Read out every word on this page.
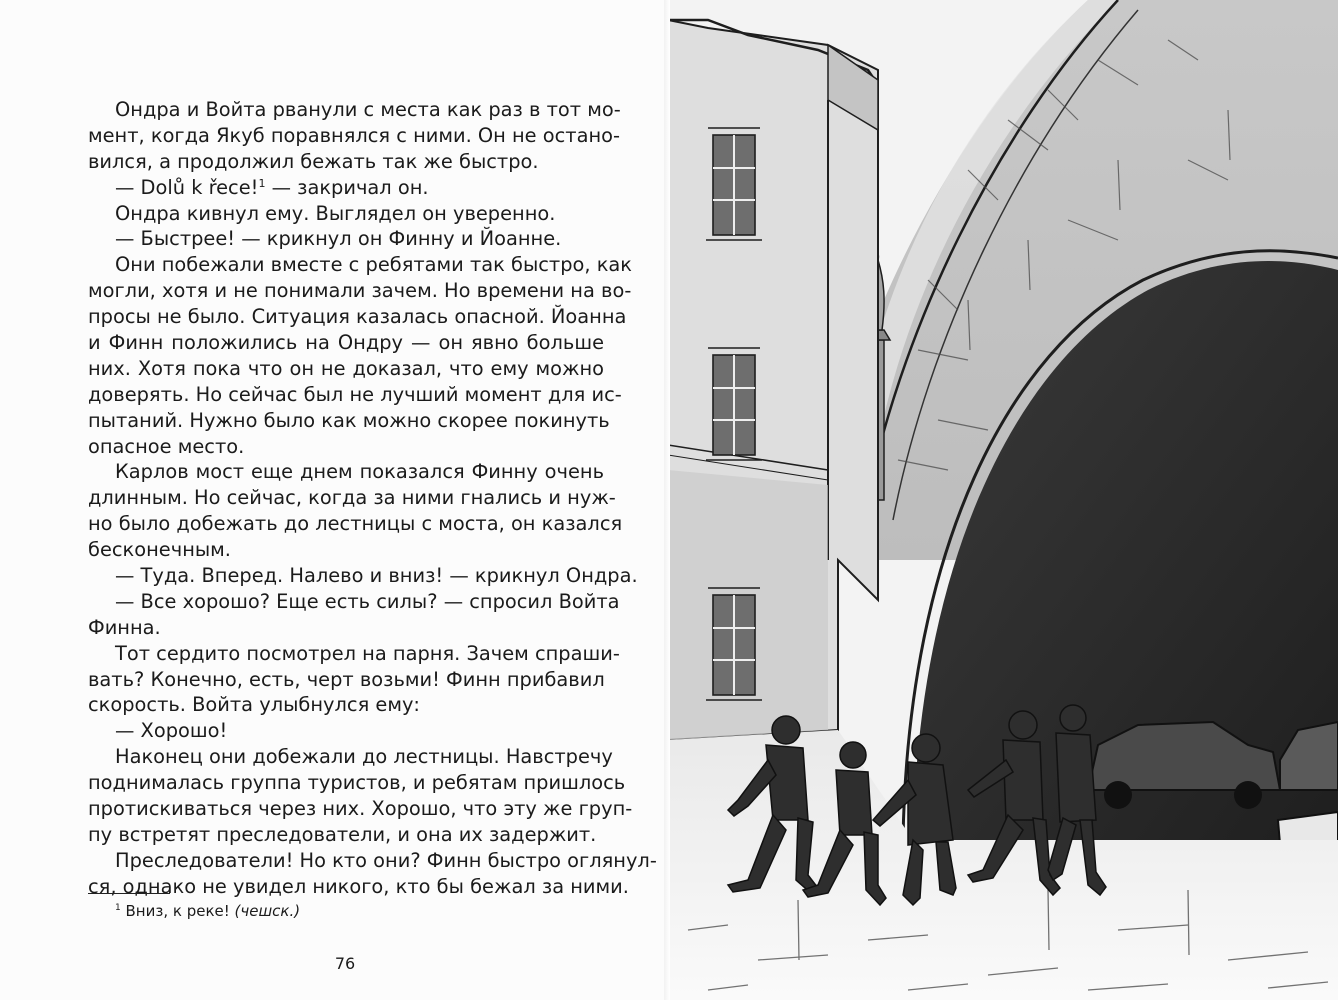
Ондра и Войта рванули с места как раз в тот мо-
мент, когда Якуб поравнялся с ними. Он не остано-
вился, а продолжил бежать так же быстро.
— Dolů k řece!$^1$ — закричал он.
Ондра кивнул ему. Выглядел он уверенно.
— Быстрее! — крикнул он Финну и Йоанне.
Они побежали вместе с ребятами так быстро, как
могли, хотя и не понимали зачем. Но времени на во-
просы не было. Ситуация казалась опасной. Йоанна
и Финн положились на Ондру — он явно больше
них. Хотя пока что он не доказал, что ему можно
доверять. Но сейчас был не лучший момент для ис-
пытаний. Нужно было как можно скорее покинуть
опасное место.
Карлов мост еще днем показался Финну очень
длинным. Но сейчас, когда за ними гнались и нуж-
но было добежать до лестницы с моста, он казался
бесконечным.
— Туда. Вперед. Налево и вниз! — крикнул Ондра.
— Все хорошо? Еще есть силы? — спросил Войта
Финна.
Тот сердито посмотрел на парня. Зачем спраши-
вать? Конечно, есть, черт возьми! Финн прибавил
скорость. Войта улыбнулся ему:
— Хорошо!
Наконец они добежали до лестницы. Навстречу
поднималась группа туристов, и ребятам пришлось
протискиваться через них. Хорошо, что эту же груп-
пу встретят преследователи, и она их задержит.
Преследователи! Но кто они? Финн быстро оглянул-
ся, однако не увидел никого, кто бы бежал за ними.
$^1$ Вниз, к реке! (чешск.)
76
